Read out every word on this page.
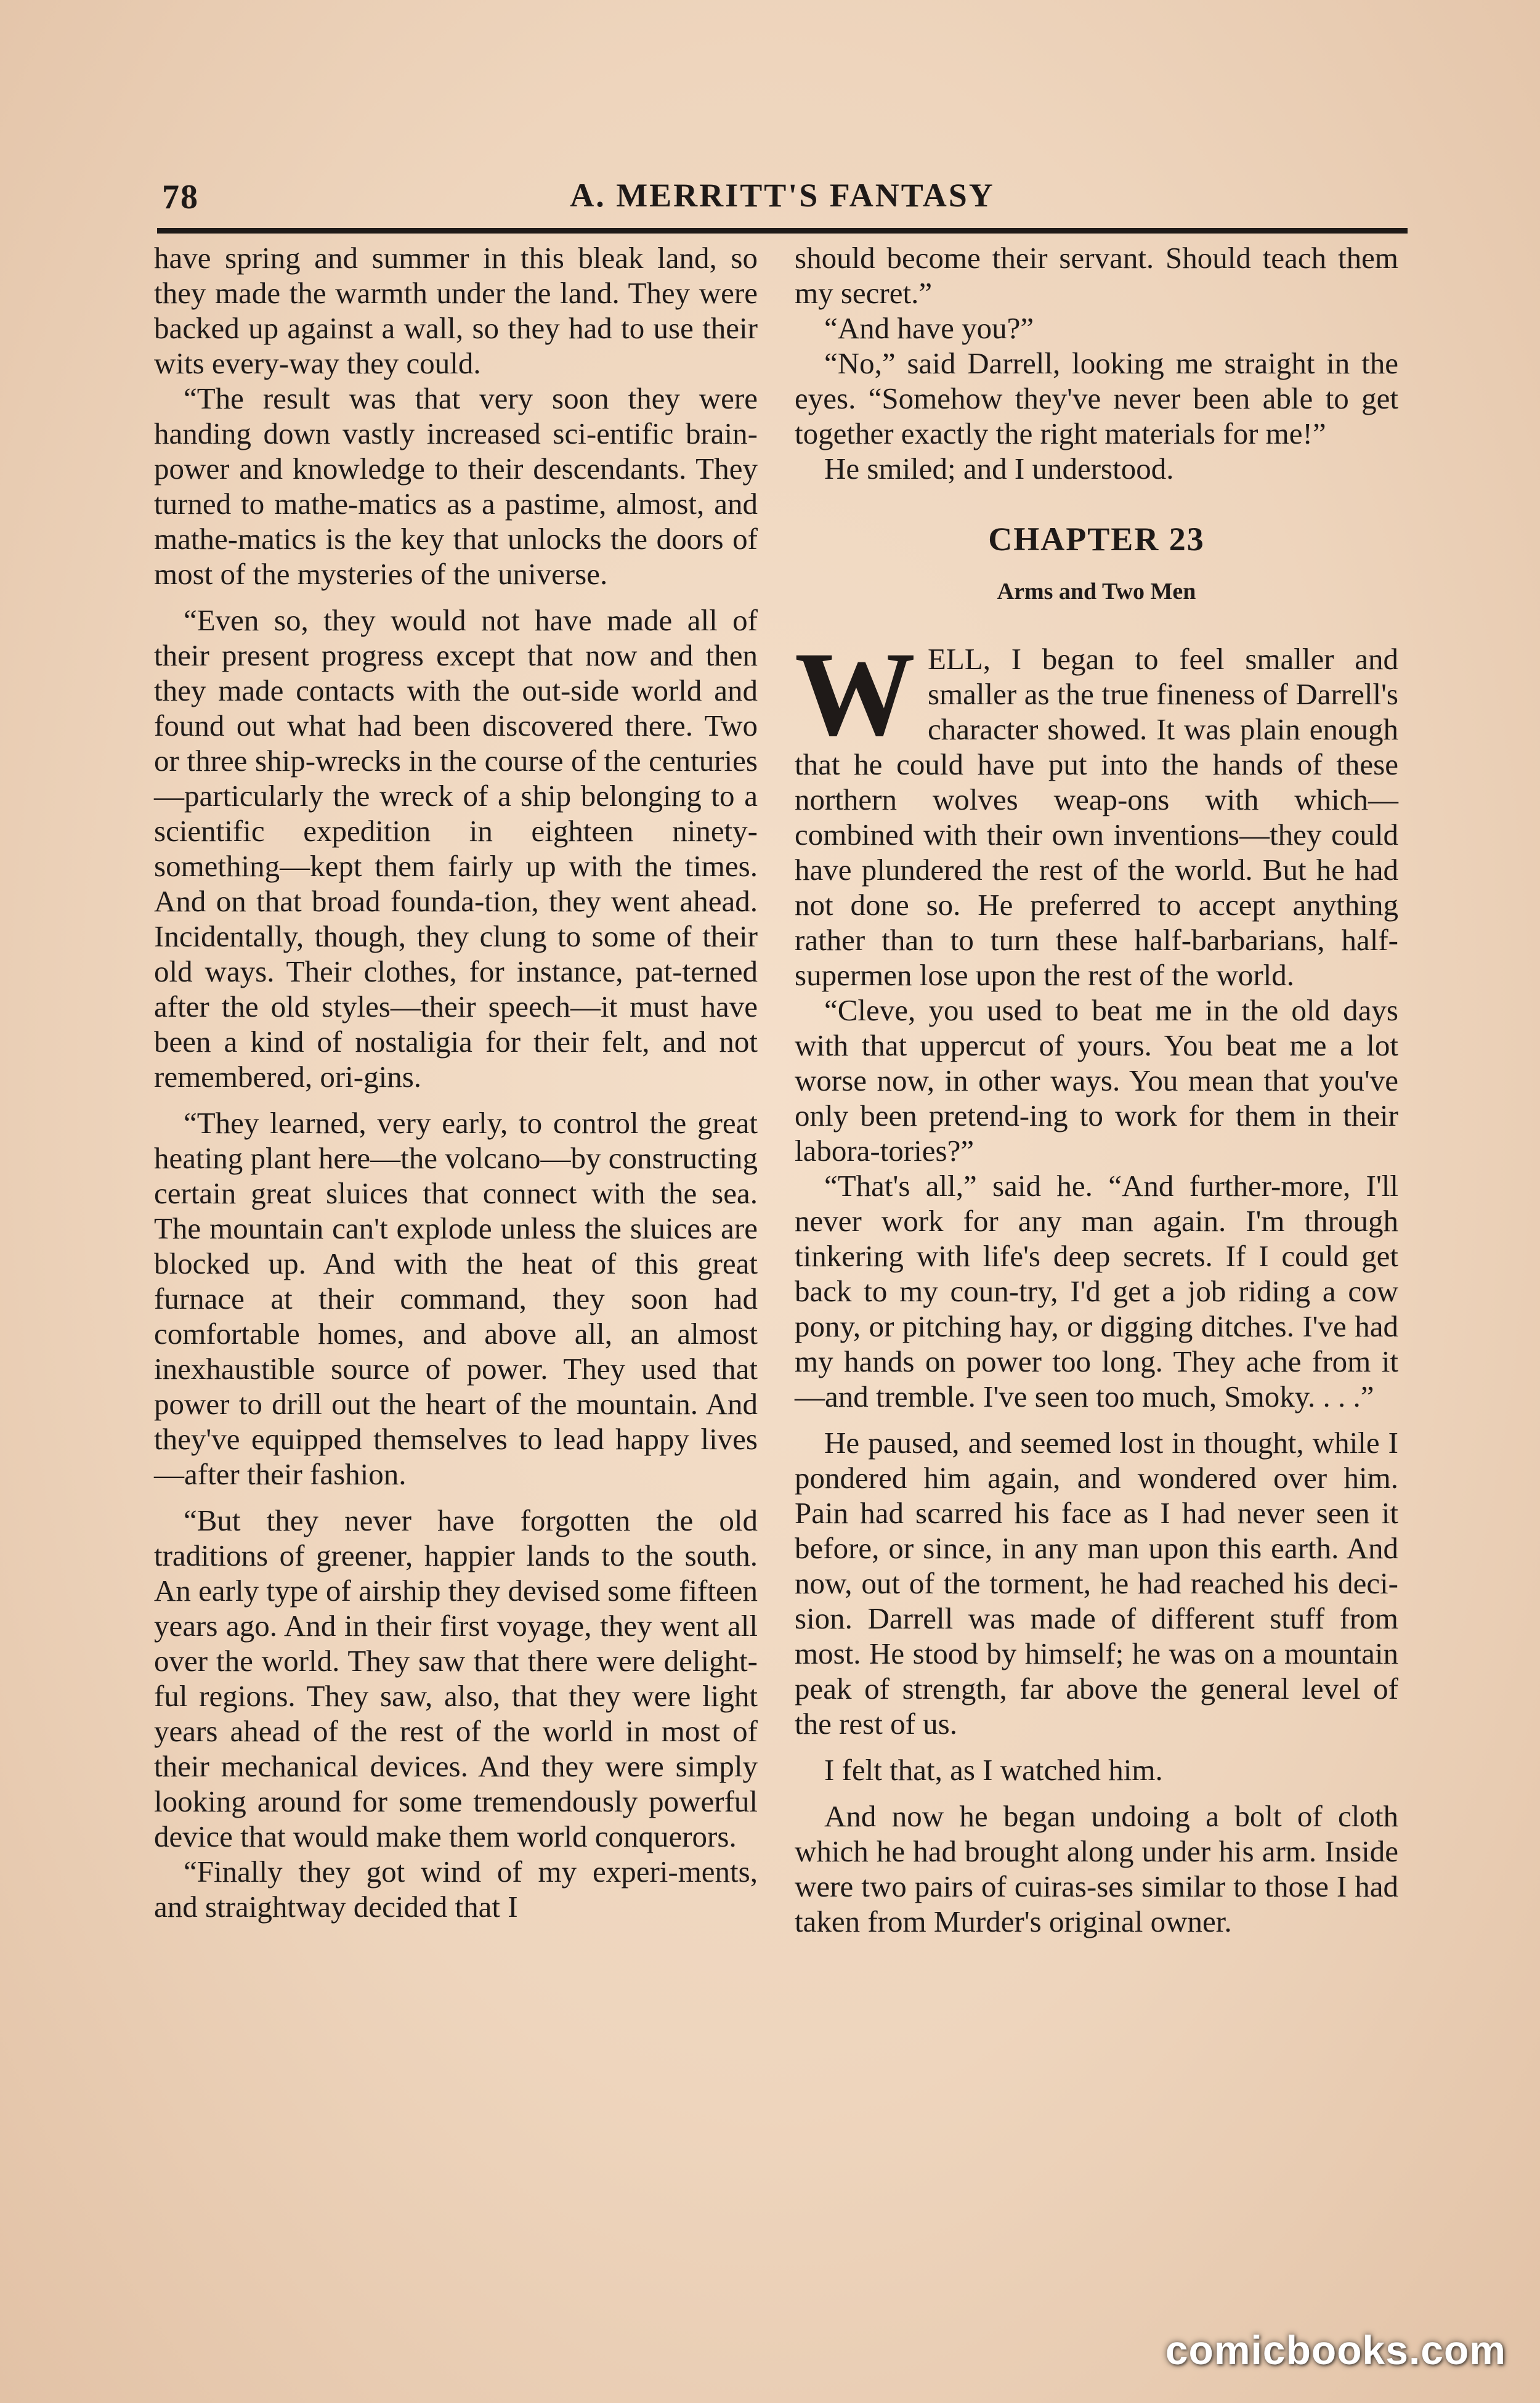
78	A. MERRITT'S FANTASY

have spring and summer in this bleak land, so they made the warmth under the land. They were backed up against a wall, so they had to use their wits every-way they could.

“The result was that very soon they were handing down vastly increased sci-entific brain-power and knowledge to their descendants. They turned to mathe-matics as a pastime, almost, and mathe-matics is the key that unlocks the doors of most of the mysteries of the universe.

“Even so, they would not have made all of their present progress except that now and then they made contacts with the out-side world and found out what had been discovered there. Two or three ship-wrecks in the course of the centuries—particularly the wreck of a ship belonging to a scientific expedition in eighteen ninety-something—kept them fairly up with the times. And on that broad founda-tion, they went ahead. Incidentally, though, they clung to some of their old ways. Their clothes, for instance, pat-terned after the old styles—their speech—it must have been a kind of nostaligia for their felt, and not remembered, ori-gins.

“They learned, very early, to control the great heating plant here—the volcano—by constructing certain great sluices that connect with the sea. The mountain can't explode unless the sluices are blocked up. And with the heat of this great furnace at their command, they soon had comfortable homes, and above all, an almost inexhaustible source of power. They used that power to drill out the heart of the mountain. And they've equipped themselves to lead happy lives—after their fashion.

“But they never have forgotten the old traditions of greener, happier lands to the south. An early type of airship they devised some fifteen years ago. And in their first voyage, they went all over the world. They saw that there were delight-ful regions. They saw, also, that they were light years ahead of the rest of the world in most of their mechanical devices. And they were simply looking around for some tremendously powerful device that would make them world conquerors.

“Finally they got wind of my experi-ments, and straightway decided that I

should become their servant. Should teach them my secret.”

“And have you?”

“No,” said Darrell, looking me straight in the eyes. “Somehow they've never been able to get together exactly the right materials for me!”

He smiled; and I understood.

CHAPTER 23
Arms and Two Men

WELL, I began to feel smaller and smaller as the true fineness of Darrell's character showed. It was plain enough that he could have put into the hands of these northern wolves weap-ons with which—combined with their own inventions—they could have plundered the rest of the world. But he had not done so. He preferred to accept anything rather than to turn these half-barbarians, half-supermen lose upon the rest of the world.

“Cleve, you used to beat me in the old days with that uppercut of yours. You beat me a lot worse now, in other ways. You mean that you've only been pretend-ing to work for them in their labora-tories?”

“That's all,” said he. “And further-more, I'll never work for any man again. I'm through tinkering with life's deep secrets. If I could get back to my coun-try, I'd get a job riding a cow pony, or pitching hay, or digging ditches. I've had my hands on power too long. They ache from it—and tremble. I've seen too much, Smoky. . . .”

He paused, and seemed lost in thought, while I pondered him again, and wondered over him. Pain had scarred his face as I had never seen it before, or since, in any man upon this earth. And now, out of the torment, he had reached his deci-sion. Darrell was made of different stuff from most. He stood by himself; he was on a mountain peak of strength, far above the general level of the rest of us.

I felt that, as I watched him.

And now he began undoing a bolt of cloth which he had brought along under his arm. Inside were two pairs of cuiras-ses similar to those I had taken from Murder's original owner.

comicbooks.com
